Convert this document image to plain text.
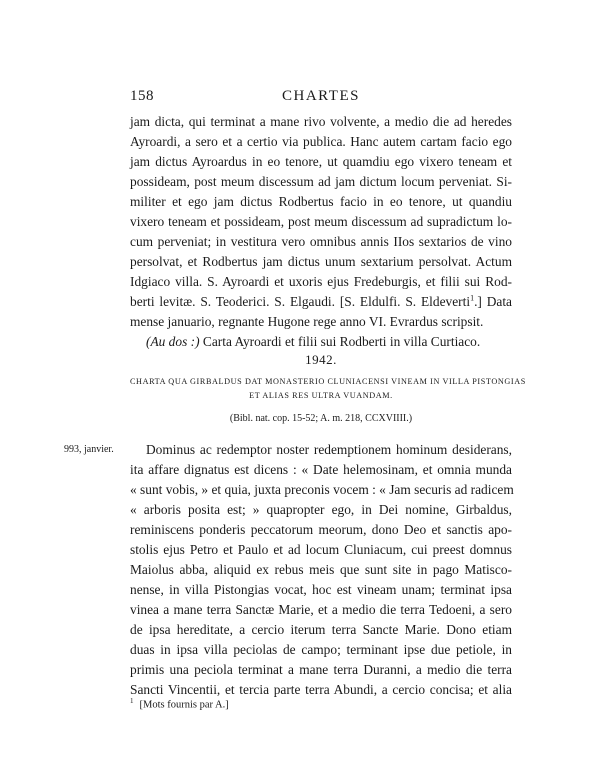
158	CHARTES
jam dicta, qui terminat a mane rivo volvente, a medio die ad heredes
Ayroardi, a sero et a certio via publica. Hanc autem cartam facio ego
jam dictus Ayroardus in eo tenore, ut quamdiu ego vixero teneam et
possideam, post meum discessum ad jam dictum locum perveniat. Si-
militer et ego jam dictus Rodbertus facio in eo tenore, ut quandiu
vixero teneam et possideam, post meum discessum ad supradictum lo-
cum perveniat; in vestitura vero omnibus annis IIos sextarios de vino
persolvat, et Rodbertus jam dictus unum sextarium persolvat. Actum
Idgiaco villa. S. Ayroardi et uxoris ejus Fredeburgis, et filii sui Rod-
berti levitæ. S. Teoderici. S. Elgaudi. [S. Eldulfi. S. Eldeverti$^1$.] Data
mense januario, regnante Hugone rege anno VI. Evrardus scripsit.
(Au dos :) Carta Ayroardi et filii sui Rodberti in villa Curtiaco.
1942.
CHARTA QUA GIRBALDUS DAT MONASTERIO CLUNIACENSI VINEAM IN VILLA PISTONGIAS
ET ALIAS RES ULTRA VUANDAM.
(Bibl. nat. cop. 15-52; A. m. 218, CCXVIIII.)
993, janvier.	Dominus ac redemptor noster redemptionem hominum desiderans,
ita affare dignatus est dicens : « Date helemosinam, et omnia munda
« sunt vobis, » et quia, juxta preconis vocem : « Jam securis ad radicem
« arboris posita est; » quapropter ego, in Dei nomine, Girbaldus,
reminiscens ponderis peccatorum meorum, dono Deo et sanctis apo-
stolis ejus Petro et Paulo et ad locum Cluniacum, cui preest domnus
Maiolus abba, aliquid ex rebus meis que sunt site in pago Matisco-
nense, in villa Pistongias vocat, hoc est vineam unam; terminat ipsa
vinea a mane terra Sanctæ Marie, et a medio die terra Tedoeni, a sero
de ipsa hereditate, a cercio iterum terra Sancte Marie. Dono etiam
duas in ipsa villa peciolas de campo; terminant ipse due petiole, in
primis una peciola terminat a mane terra Duranni, a medio die terra
Sancti Vincentii, et tercia parte terra Abundi, a cercio concisa; et alia
$^1$ [Mots fournis par A.]
